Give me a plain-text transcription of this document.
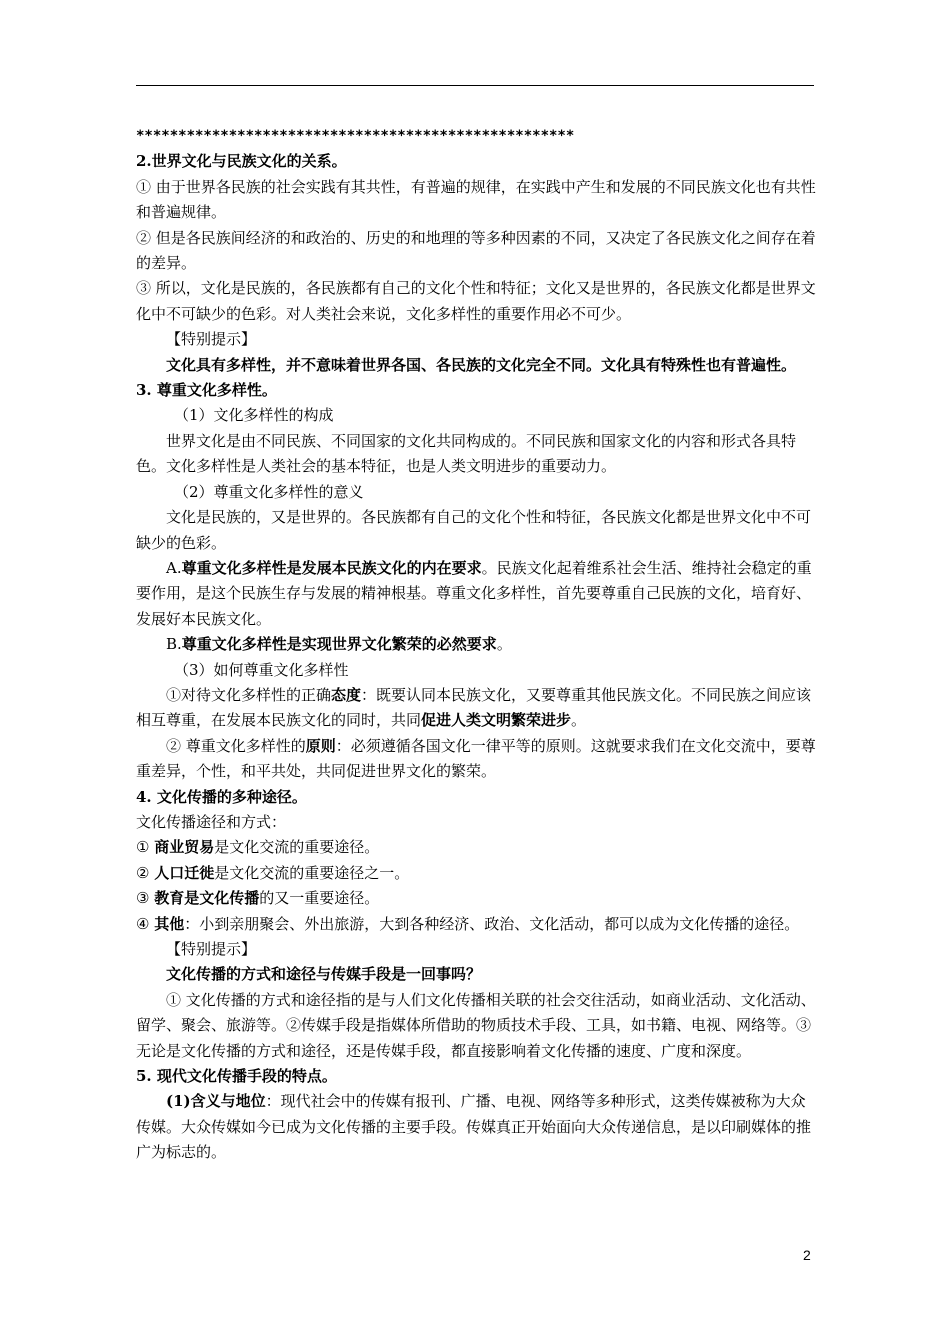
****************************************************

2.世界文化与民族文化的关系。

① 由于世界各民族的社会实践有其共性，有普遍的规律，在实践中产生和发展的不同民族文化也有共性和普遍规律。

② 但是各民族间经济的和政治的、历史的和地理的等多种因素的不同，又决定了各民族文化之间存在着的差异。

③ 所以，文化是民族的，各民族都有自己的文化个性和特征；文化又是世界的，各民族文化都是世界文化中不可缺少的色彩。对人类社会来说，文化多样性的重要作用必不可少。

【特别提示】

文化具有多样性，并不意味着世界各国、各民族的文化完全不同。文化具有特殊性也有普遍性。

3. 尊重文化多样性。

（1）文化多样性的构成

世界文化是由不同民族、不同国家的文化共同构成的。不同民族和国家文化的内容和形式各具特色。文化多样性是人类社会的基本特征，也是人类文明进步的重要动力。

（2）尊重文化多样性的意义

文化是民族的，又是世界的。各民族都有自己的文化个性和特征，各民族文化都是世界文化中不可缺少的色彩。

A.尊重文化多样性是发展本民族文化的内在要求。民族文化起着维系社会生活、维持社会稳定的重要作用，是这个民族生存与发展的精神根基。尊重文化多样性，首先要尊重自己民族的文化，培育好、发展好本民族文化。

B.尊重文化多样性是实现世界文化繁荣的必然要求。

（3）如何尊重文化多样性

①对待文化多样性的正确态度：既要认同本民族文化，又要尊重其他民族文化。不同民族之间应该相互尊重，在发展本民族文化的同时，共同促进人类文明繁荣进步。

② 尊重文化多样性的原则：必须遵循各国文化一律平等的原则。这就要求我们在文化交流中，要尊重差异，个性，和平共处，共同促进世界文化的繁荣。

4. 文化传播的多种途径。

文化传播途径和方式：

① 商业贸易是文化交流的重要途径。

② 人口迁徙是文化交流的重要途径之一。

③ 教育是文化传播的又一重要途径。

④ 其他：小到亲朋聚会、外出旅游，大到各种经济、政治、文化活动，都可以成为文化传播的途径。

【特别提示】

文化传播的方式和途径与传媒手段是一回事吗？

① 文化传播的方式和途径指的是与人们文化传播相关联的社会交往活动，如商业活动、文化活动、留学、聚会、旅游等。②传媒手段是指媒体所借助的物质技术手段、工具，如书籍、电视、网络等。③无论是文化传播的方式和途径，还是传媒手段，都直接影响着文化传播的速度、广度和深度。

5. 现代文化传播手段的特点。

(1)含义与地位：现代社会中的传媒有报刊、广播、电视、网络等多种形式，这类传媒被称为大众传媒。大众传媒如今已成为文化传播的主要手段。传媒真正开始面向大众传递信息，是以印刷媒体的推广为标志的。

2
